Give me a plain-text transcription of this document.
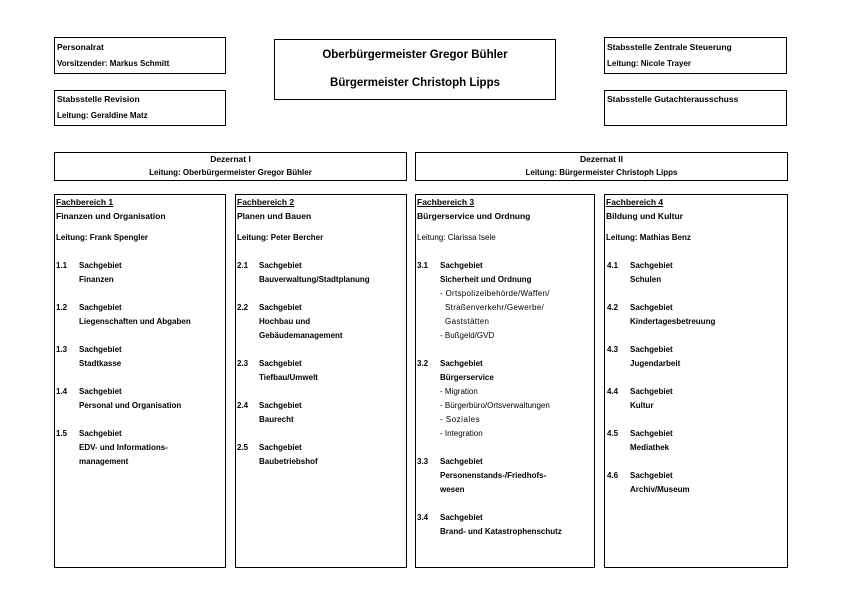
Personalrat
Vorsitzender: Markus Schmitt
Stabsstelle Revision
Leitung: Geraldine Matz
Oberbürgermeister Gregor Bühler
Bürgermeister Christoph Lipps
Stabsstelle Zentrale Steuerung
Leitung: Nicole Trayer
Stabsstelle Gutachterausschuss
Dezernat I
Leitung: Oberbürgermeister Gregor Bühler
Dezernat II
Leitung: Bürgermeister Christoph Lipps
Fachbereich 1
Finanzen und Organisation
Leitung: Frank Spengler
1.1 Sachgebiet
Finanzen
1.2 Sachgebiet
Liegenschaften und Abgaben
1.3 Sachgebiet
Stadtkasse
1.4 Sachgebiet
Personal und Organisation
1.5 Sachgebiet
EDV- und Informations-
management
Fachbereich 2
Planen und Bauen
Leitung: Peter Bercher
2.1 Sachgebiet
Bauverwaltung/Stadtplanung
2.2 Sachgebiet
Hochbau und
Gebäudemanagement
2.3 Sachgebiet
Tiefbau/Umwelt
2.4 Sachgebiet
Baurecht
2.5 Sachgebiet
Baubetriebshof
Fachbereich 3
Bürgerservice und Ordnung
Leitung: Clarissa Isele
3.1 Sachgebiet
Sicherheit und Ordnung
- Ortspolizeibehörde/Waffen/
Straßenverkehr/Gewerbe/
Gaststätten
- Bußgeld/GVD
3.2 Sachgebiet
Bürgerservice
- Migration
- Bürgerbüro/Ortsverwaltungen
- Soziales
- Integration
3.3 Sachgebiet
Personenstands-/Friedhofs-
wesen
3.4 Sachgebiet
Brand- und Katastrophenschutz
Fachbereich 4
Bildung und Kultur
Leitung: Mathias Benz
4.1 Sachgebiet
Schulen
4.2 Sachgebiet
Kindertagesbetreuung
4.3 Sachgebiet
Jugendarbeit
4.4 Sachgebiet
Kultur
4.5 Sachgebiet
Mediathek
4.6 Sachgebiet
Archiv/Museum
